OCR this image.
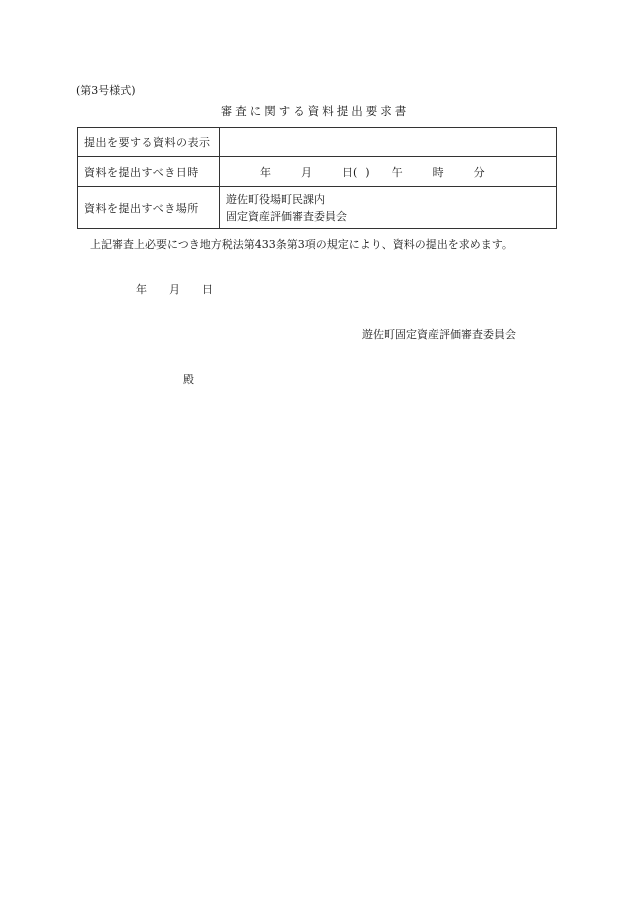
(第3号様式)
審査に関する資料提出要求書
提出を要する資料の表示	
資料を提出すべき日時	年 月 日( ) 午 時 分

資料を提出すべき場所	遊佐町役場町民課内
固定資産評価審査委員会
上記審査上必要につき地方税法第433条第3項の規定により、資料の提出を求めます。
年 月 日
遊佐町固定資産評価審査委員会
殿
